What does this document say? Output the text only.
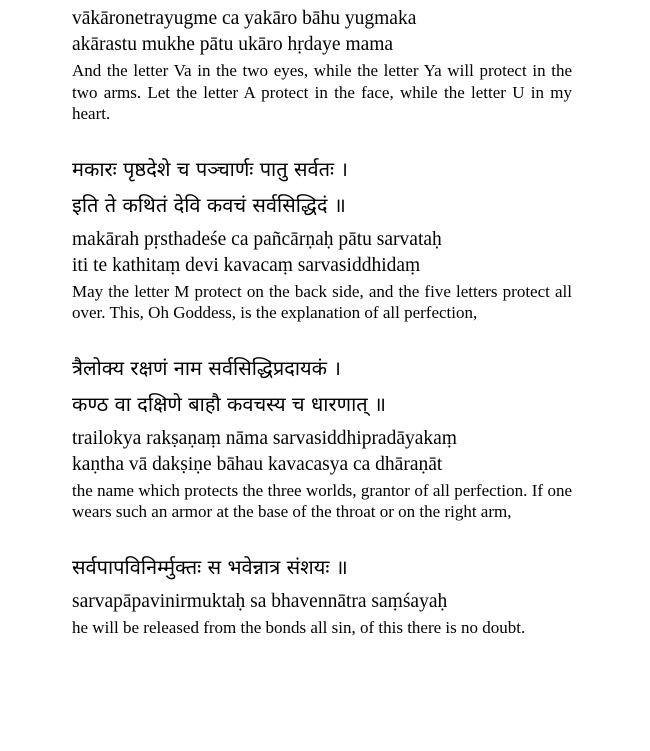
vākāronetrayugme ca yakāro bāhu yugmaka

akārastu mukhe pātu ukāro hṛdaye mama

And the letter Va in the two eyes, while the letter Ya will protect in the two arms. Let the letter A protect in the face, while the letter U in my heart.

मकारः पृष्ठदेशे च पञ्चार्णः पातु सर्वतः ।

इति ते कथितं देवि कवचं सर्वसिद्धिदं ॥

makārah pṛsthadeśe ca pañcārṇaḥ pātu sarvataḥ

iti te kathitaṃ devi kavacaṃ sarvasiddhidaṃ

May the letter M protect on the back side, and the five letters protect all over. This, Oh Goddess, is the explanation of all perfection,

त्रैलोक्य रक्षणं नाम सर्वसिद्धिप्रदायकं ।

कण्ठ वा दक्षिणे बाहौ कवचस्य च धारणात् ॥

trailokya rakṣaṇaṃ nāma sarvasiddhipradāyakaṃ

kaṇtha vā dakṣiṇe bāhau kavacasya ca dhāraṇāt

the name which protects the three worlds, grantor of all perfection. If one wears such an armor at the base of the throat or on the right arm,

सर्वपापविनिर्म्मुक्तः स भवेन्नात्र संशयः ॥

sarvapāpavinirmuktaḥ sa bhavennātra saṃśayaḥ

he will be released from the bonds all sin, of this there is no doubt.
